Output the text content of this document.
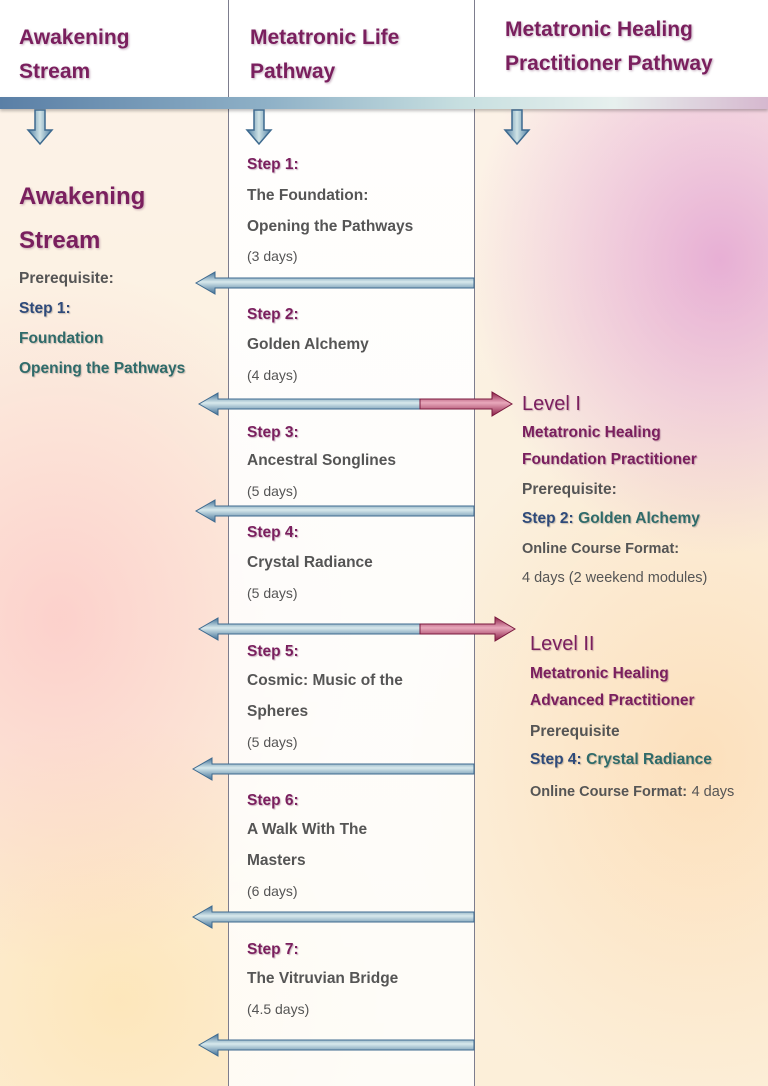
Awakening
Stream
Metatronic Life
Pathway
Metatronic Healing
Practitioner Pathway
Awakening
Stream
Prerequisite:
Step 1:
Foundation
Opening the Pathways
Step 1:
The Foundation:
Opening the Pathways
(3 days)
Step 2:
Golden Alchemy
(4 days)
Step 3:
Ancestral Songlines
(5 days)
Step 4:
Crystal Radiance
(5 days)
Step 5:
Cosmic: Music of the
Spheres
(5 days)
Step 6:
A Walk With The
Masters
(6 days)
Step 7:
The Vitruvian Bridge
(4.5 days)
Level I
Metatronic Healing
Foundation Practitioner
Prerequisite:
Step 2: Golden Alchemy
Online Course Format:
4 days (2 weekend modules)
Level II
Metatronic Healing
Advanced Practitioner
Prerequisite
Step 4: Crystal Radiance
Online Course Format: 4 days
